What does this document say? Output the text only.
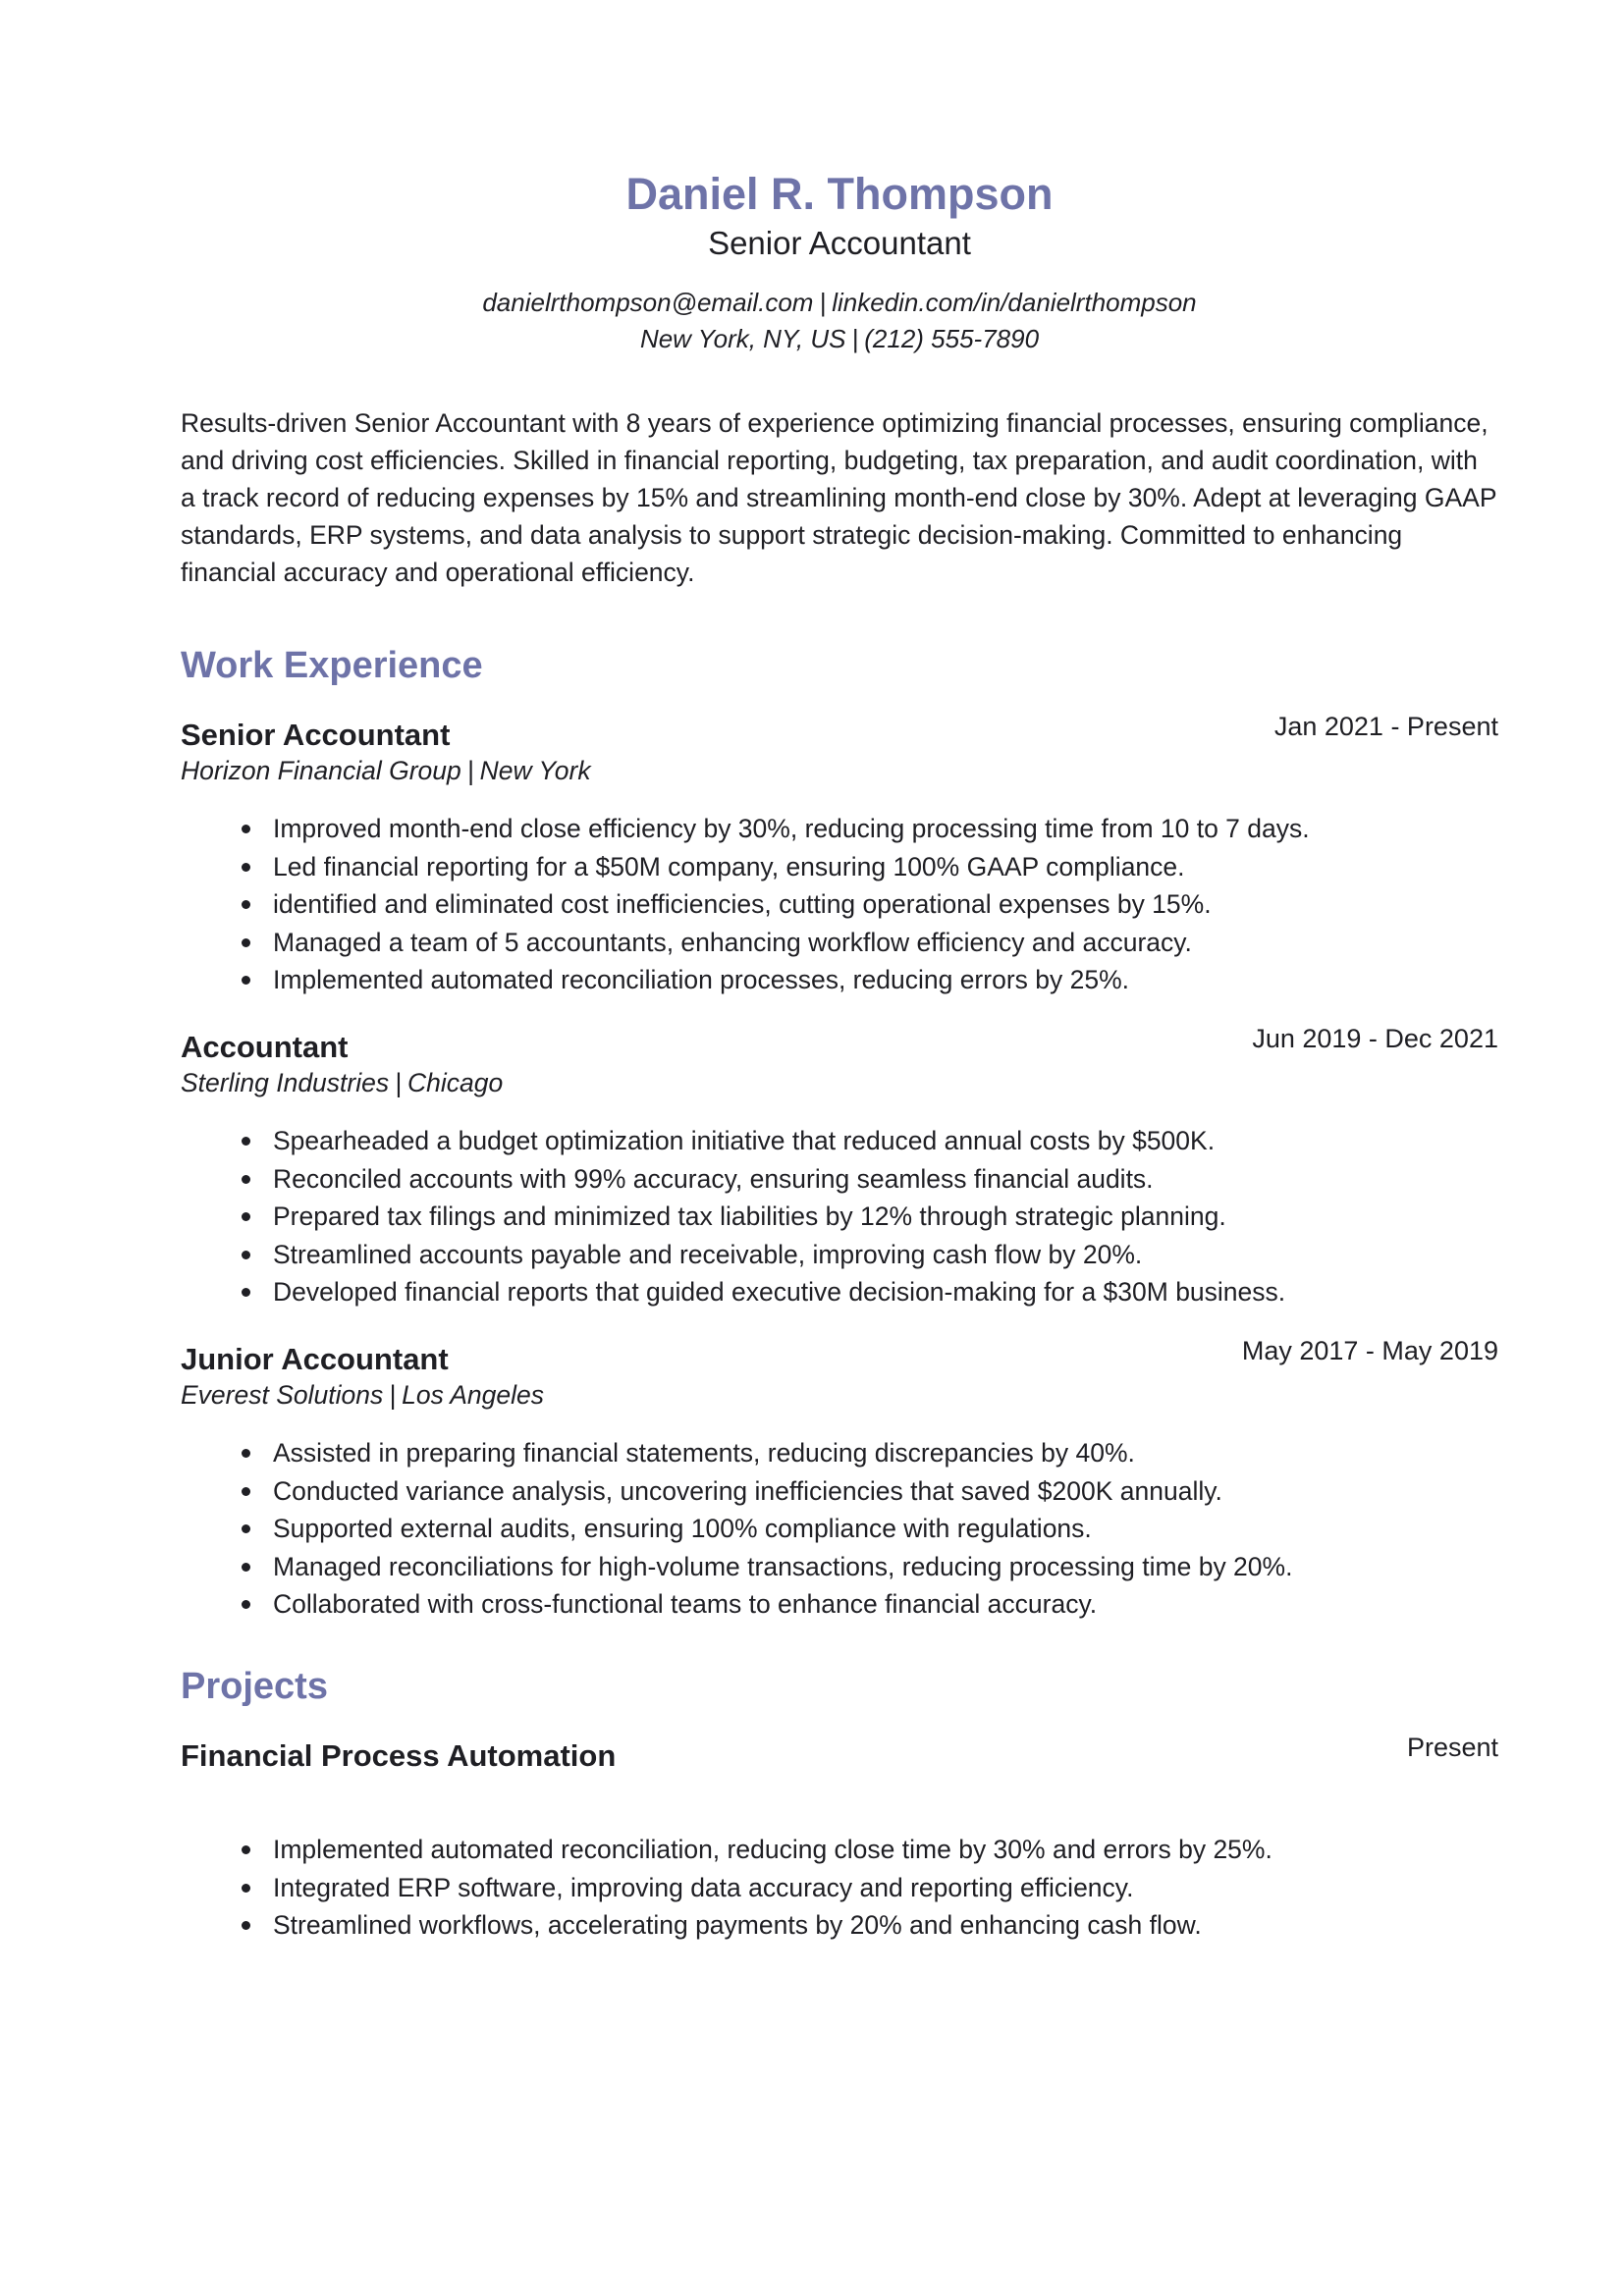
Daniel R. Thompson
Senior Accountant
danielrthompson@email.com | linkedin.com/in/danielrthompson
New York, NY, US | (212) 555-7890
Results-driven Senior Accountant with 8 years of experience optimizing financial processes, ensuring compliance, and driving cost efficiencies. Skilled in financial reporting, budgeting, tax preparation, and audit coordination, with a track record of reducing expenses by 15% and streamlining month-end close by 30%. Adept at leveraging GAAP standards, ERP systems, and data analysis to support strategic decision-making. Committed to enhancing financial accuracy and operational efficiency.
Work Experience
Senior Accountant	Jan 2021 - Present
Horizon Financial Group | New York
Improved month-end close efficiency by 30%, reducing processing time from 10 to 7 days.
Led financial reporting for a $50M company, ensuring 100% GAAP compliance.
identified and eliminated cost inefficiencies, cutting operational expenses by 15%.
Managed a team of 5 accountants, enhancing workflow efficiency and accuracy.
Implemented automated reconciliation processes, reducing errors by 25%.
Accountant	Jun 2019 - Dec 2021
Sterling Industries | Chicago
Spearheaded a budget optimization initiative that reduced annual costs by $500K.
Reconciled accounts with 99% accuracy, ensuring seamless financial audits.
Prepared tax filings and minimized tax liabilities by 12% through strategic planning.
Streamlined accounts payable and receivable, improving cash flow by 20%.
Developed financial reports that guided executive decision-making for a $30M business.
Junior Accountant	May 2017 - May 2019
Everest Solutions | Los Angeles
Assisted in preparing financial statements, reducing discrepancies by 40%.
Conducted variance analysis, uncovering inefficiencies that saved $200K annually.
Supported external audits, ensuring 100% compliance with regulations.
Managed reconciliations for high-volume transactions, reducing processing time by 20%.
Collaborated with cross-functional teams to enhance financial accuracy.
Projects
Financial Process Automation	Present
Implemented automated reconciliation, reducing close time by 30% and errors by 25%.
Integrated ERP software, improving data accuracy and reporting efficiency.
Streamlined workflows, accelerating payments by 20% and enhancing cash flow.
